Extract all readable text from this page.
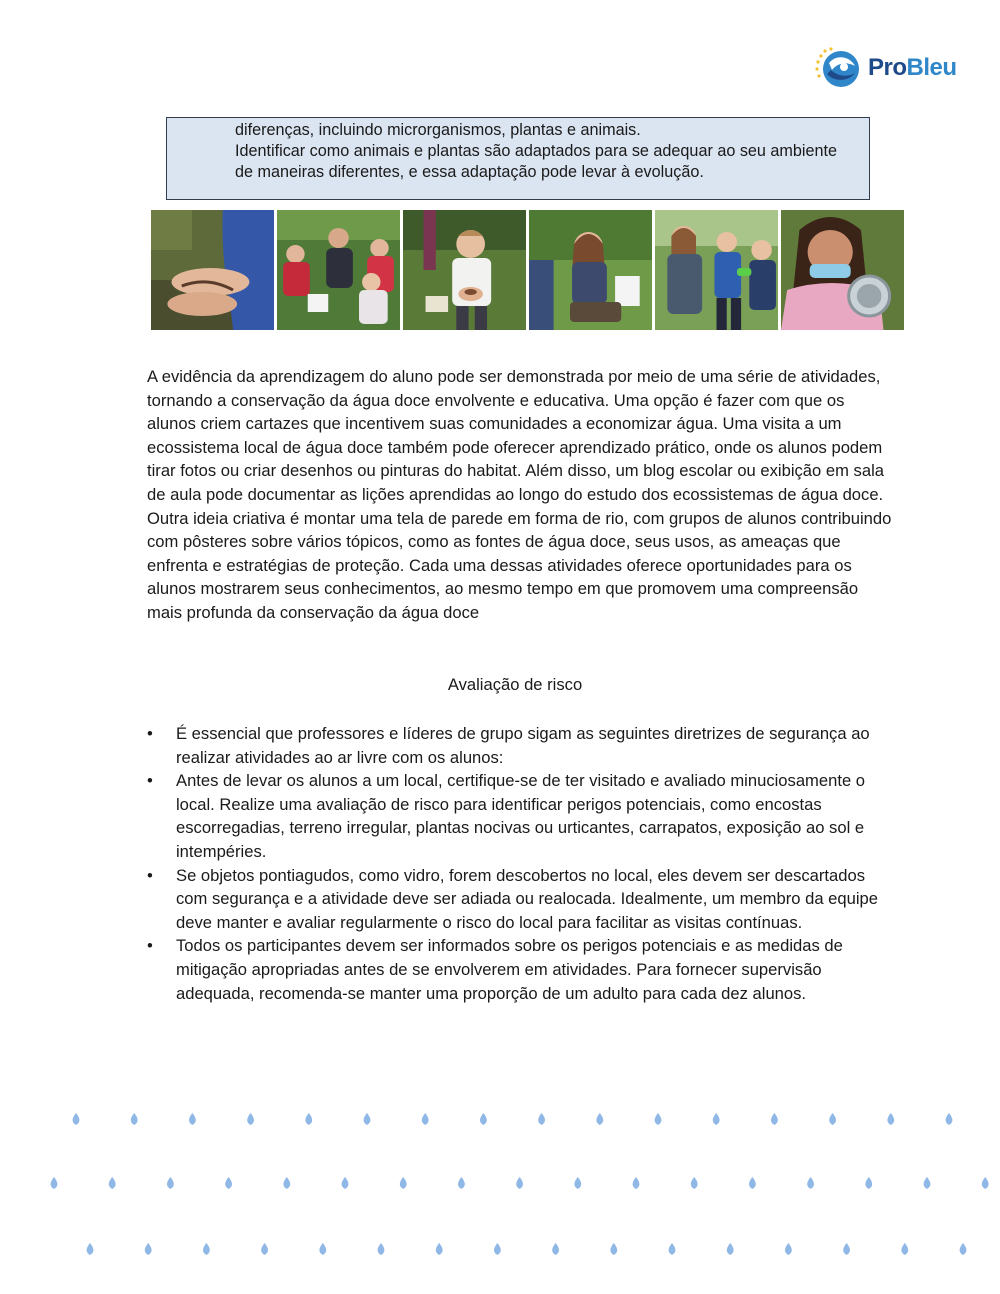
ProBleu

diferenças, incluindo microrganismos, plantas e animais.

Identificar como animais e plantas são adaptados para se adequar ao seu ambiente de maneiras diferentes, e essa adaptação pode levar à evolução.

A evidência da aprendizagem do aluno pode ser demonstrada por meio de uma série de atividades, tornando a conservação da água doce envolvente e educativa. Uma opção é fazer com que os alunos criem cartazes que incentivem suas comunidades a economizar água. Uma visita a um ecossistema local de água doce também pode oferecer aprendizado prático, onde os alunos podem tirar fotos ou criar desenhos ou pinturas do habitat. Além disso, um blog escolar ou exibição em sala de aula pode documentar as lições aprendidas ao longo do estudo dos ecossistemas de água doce. Outra ideia criativa é montar uma tela de parede em forma de rio, com grupos de alunos contribuindo com pôsteres sobre vários tópicos, como as fontes de água doce, seus usos, as ameaças que enfrenta e estratégias de proteção. Cada uma dessas atividades oferece oportunidades para os alunos mostrarem seus conhecimentos, ao mesmo tempo em que promovem uma compreensão mais profunda da conservação da água doce

Avaliação de risco
• É essencial que professores e líderes de grupo sigam as seguintes diretrizes de segurança ao realizar atividades ao ar livre com os alunos:
• Antes de levar os alunos a um local, certifique-se de ter visitado e avaliado minuciosamente o local. Realize uma avaliação de risco para identificar perigos potenciais, como encostas escorregadias, terreno irregular, plantas nocivas ou urticantes, carrapatos, exposição ao sol e intempéries.
• Se objetos pontiagudos, como vidro, forem descobertos no local, eles devem ser descartados com segurança e a atividade deve ser adiada ou realocada. Idealmente, um membro da equipe deve manter e avaliar regularmente o risco do local para facilitar as visitas contínuas.
• Todos os participantes devem ser informados sobre os perigos potenciais e as medidas de mitigação apropriadas antes de se envolverem em atividades. Para fornecer supervisão adequada, recomenda-se manter uma proporção de um adulto para cada dez alunos.
